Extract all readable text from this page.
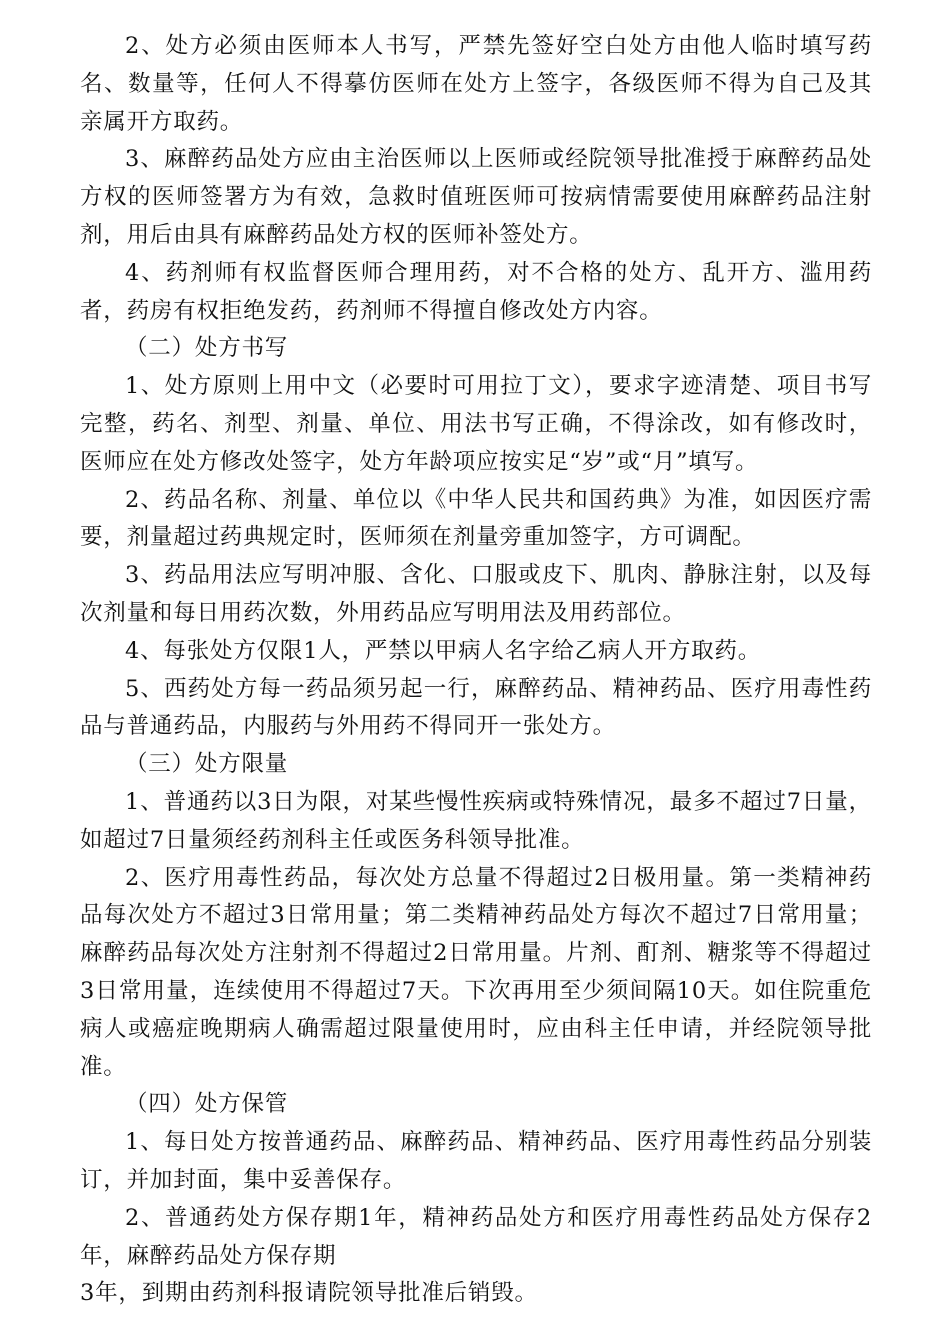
2、处方必须由医师本人书写，严禁先签好空白处方由他人临时填写药名、数量等，任何人不得摹仿医师在处方上签字，各级医师不得为自己及其亲属开方取药。

3、麻醉药品处方应由主治医师以上医师或经院领导批准授于麻醉药品处方权的医师签署方为有效，急救时值班医师可按病情需要使用麻醉药品注射剂，用后由具有麻醉药品处方权的医师补签处方。

4、药剂师有权监督医师合理用药，对不合格的处方、乱开方、滥用药者，药房有权拒绝发药，药剂师不得擅自修改处方内容。

（二）处方书写

1、处方原则上用中文（必要时可用拉丁文），要求字迹清楚、项目书写完整，药名、剂型、剂量、单位、用法书写正确，不得涂改，如有修改时，医师应在处方修改处签字，处方年龄项应按实足“岁”或“月”填写。

2、药品名称、剂量、单位以《中华人民共和国药典》为准，如因医疗需要，剂量超过药典规定时，医师须在剂量旁重加签字，方可调配。

3、药品用法应写明冲服、含化、口服或皮下、肌肉、静脉注射，以及每次剂量和每日用药次数，外用药品应写明用法及用药部位。

4、每张处方仅限1人，严禁以甲病人名字给乙病人开方取药。

5、西药处方每一药品须另起一行，麻醉药品、精神药品、医疗用毒性药品与普通药品，内服药与外用药不得同开一张处方。

（三）处方限量

1、普通药以3日为限，对某些慢性疾病或特殊情况，最多不超过7日量，如超过7日量须经药剂科主任或医务科领导批准。

2、医疗用毒性药品，每次处方总量不得超过2日极用量。第一类精神药品每次处方不超过3日常用量；第二类精神药品处方每次不超过7日常用量；麻醉药品每次处方注射剂不得超过2日常用量。片剂、酊剂、糖浆等不得超过3日常用量，连续使用不得超过7天。下次再用至少须间隔10天。如住院重危病人或癌症晚期病人确需超过限量使用时，应由科主任申请，并经院领导批准。

（四）处方保管

1、每日处方按普通药品、麻醉药品、精神药品、医疗用毒性药品分别装订，并加封面，集中妥善保存。

2、普通药处方保存期1年，精神药品处方和医疗用毒性药品处方保存2年，麻醉药品处方保存期

3年，到期由药剂科报请院领导批准后销毁。
